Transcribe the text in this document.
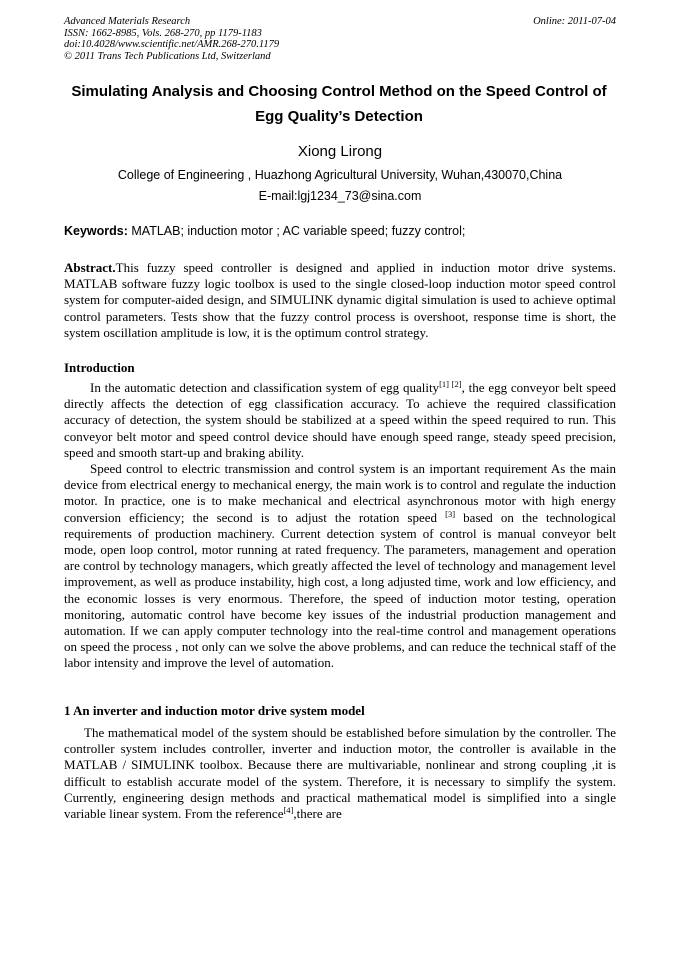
Advanced Materials Research
ISSN: 1662-8985, Vols. 268-270, pp 1179-1183
doi:10.4028/www.scientific.net/AMR.268-270.1179
© 2011 Trans Tech Publications Ltd, Switzerland
Online: 2011-07-04
Simulating Analysis and Choosing Control Method on the Speed Control of Egg Quality’s Detection
Xiong Lirong
College of Engineering , Huazhong Agricultural University, Wuhan,430070,China
E-mail:lgj1234_73@sina.com
Keywords: MATLAB; induction motor ; AC variable speed; fuzzy control;
Abstract.This fuzzy speed controller is designed and applied in induction motor drive systems. MATLAB software fuzzy logic toolbox is used to the single closed-loop induction motor speed control system for computer-aided design, and SIMULINK dynamic digital simulation is used to achieve optimal control parameters. Tests show that the fuzzy control process is overshoot, response time is short, the system oscillation amplitude is low, it is the optimum control strategy.
Introduction
In the automatic detection and classification system of egg quality[1] [2], the egg conveyor belt speed directly affects the detection of egg classification accuracy. To achieve the required classification accuracy of detection, the system should be stabilized at a speed within the speed required to run. This conveyor belt motor and speed control device should have enough speed range, steady speed precision, speed and smooth start-up and braking ability.
Speed control to electric transmission and control system is an important requirement As the main device from electrical energy to mechanical energy, the main work is to control and regulate the induction motor. In practice, one is to make mechanical and electrical asynchronous motor with high energy conversion efficiency; the second is to adjust the rotation speed [3] based on the technological requirements of production machinery. Current detection system of control is manual conveyor belt mode, open loop control, motor running at rated frequency. The parameters, management and operation are control by technology managers, which greatly affected the level of technology and management level improvement, as well as produce instability, high cost, a long adjusted time, work and low efficiency, and the economic losses is very enormous. Therefore, the speed of induction motor testing, operation monitoring, automatic control have become key issues of the industrial production management and automation. If we can apply computer technology into the real-time control and management operations on speed the process , not only can we solve the above problems, and can reduce the technical staff of the labor intensity and improve the level of automation.
1 An inverter and induction motor drive system model
The mathematical model of the system should be established before simulation by the controller. The controller system includes controller, inverter and induction motor, the controller is available in the MATLAB / SIMULINK toolbox. Because there are multivariable, nonlinear and strong coupling ,it is difficult to establish accurate model of the system. Therefore, it is necessary to simplify the system. Currently, engineering design methods and practical mathematical model is simplified into a single variable linear system. From the reference[4],there are
